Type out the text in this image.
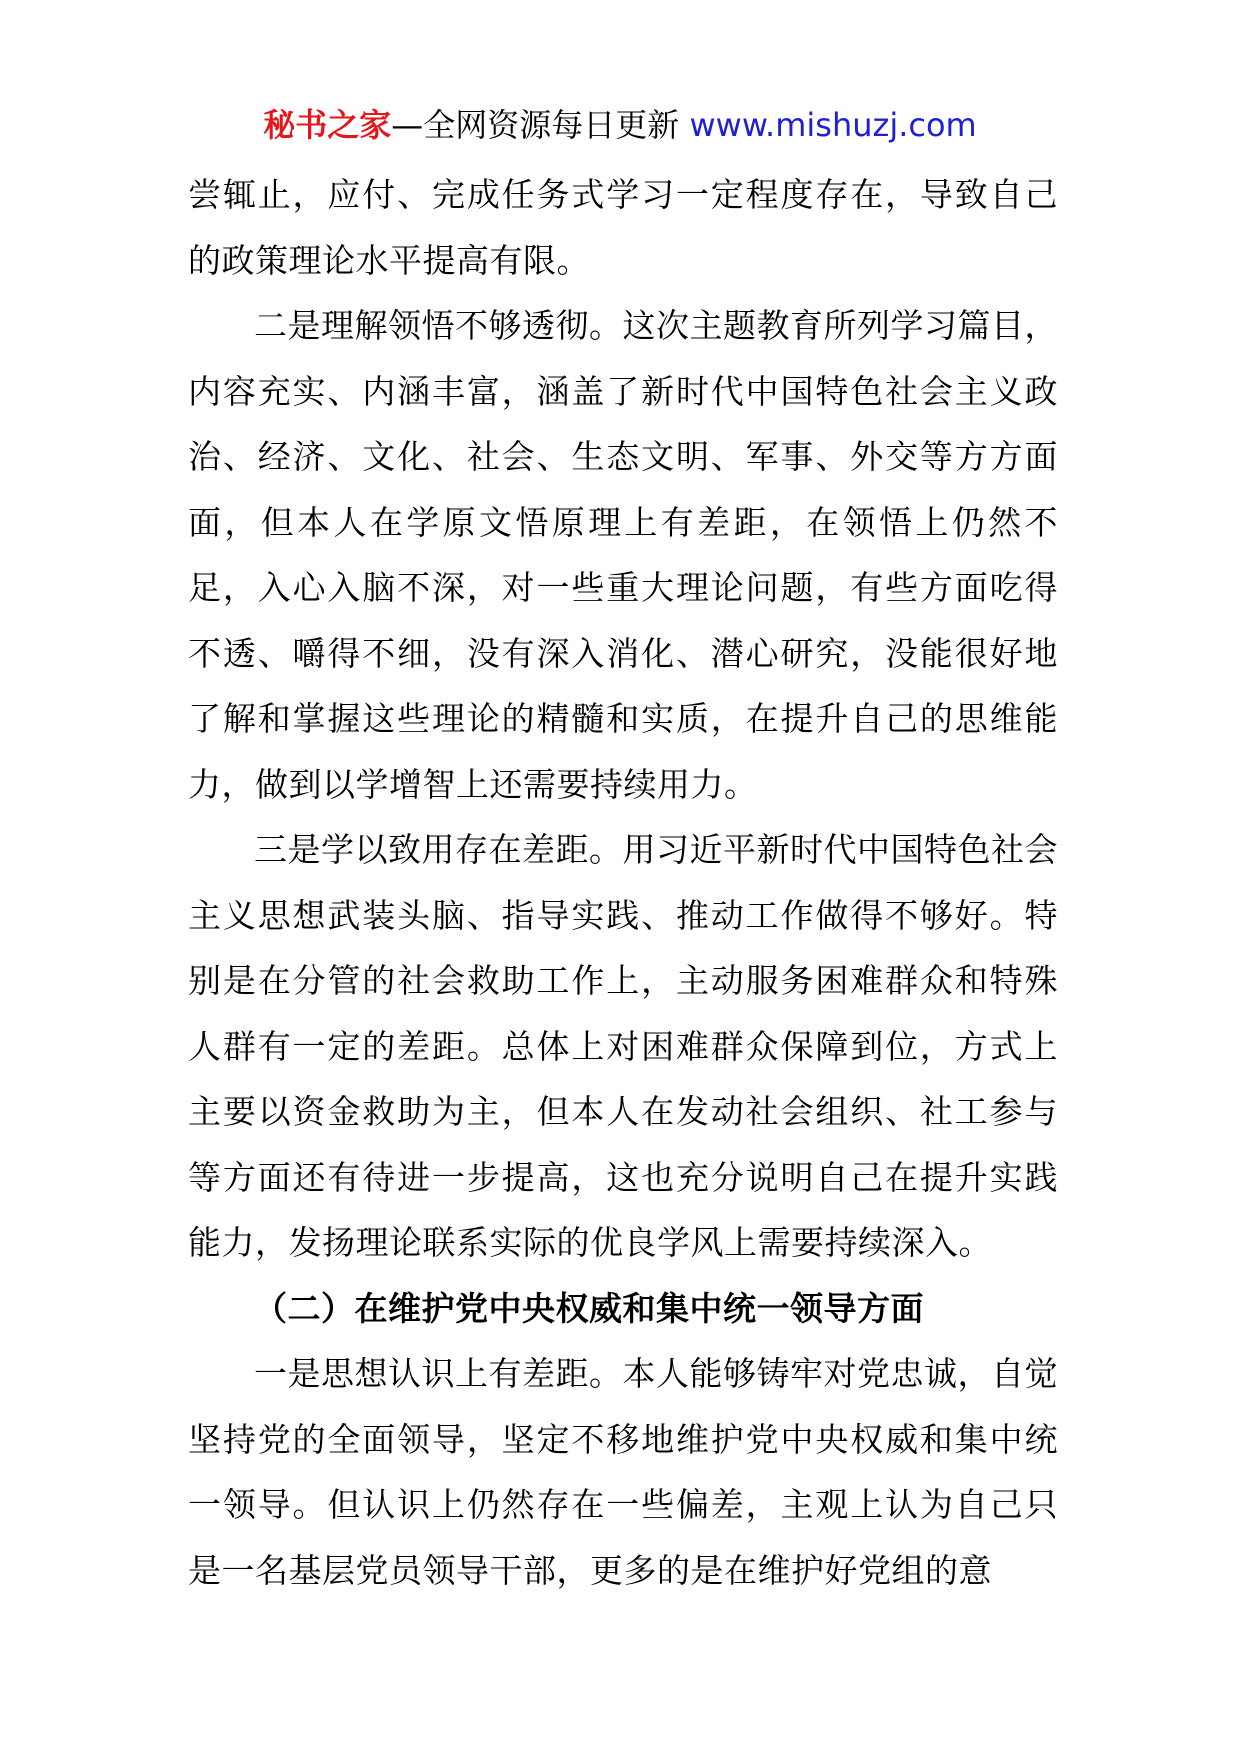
秘书之家—全网资源每日更新 www.mishuzj.com

尝辄止，应付、完成任务式学习一定程度存在，导致自己的政策理论水平提高有限。

二是理解领悟不够透彻。这次主题教育所列学习篇目，内容充实、内涵丰富，涵盖了新时代中国特色社会主义政治、经济、文化、社会、生态文明、军事、外交等方方面面，但本人在学原文悟原理上有差距，在领悟上仍然不足，入心入脑不深，对一些重大理论问题，有些方面吃得不透、嚼得不细，没有深入消化、潜心研究，没能很好地了解和掌握这些理论的精髓和实质，在提升自己的思维能力，做到以学增智上还需要持续用力。

三是学以致用存在差距。用习近平新时代中国特色社会主义思想武装头脑、指导实践、推动工作做得不够好。特别是在分管的社会救助工作上，主动服务困难群众和特殊人群有一定的差距。总体上对困难群众保障到位，方式上主要以资金救助为主，但本人在发动社会组织、社工参与等方面还有待进一步提高，这也充分说明自己在提升实践能力，发扬理论联系实际的优良学风上需要持续深入。

（二）在维护党中央权威和集中统一领导方面

一是思想认识上有差距。本人能够铸牢对党忠诚，自觉坚持党的全面领导，坚定不移地维护党中央权威和集中统一领导。但认识上仍然存在一些偏差，主观上认为自己只是一名基层党员领导干部，更多的是在维护好党组的意
